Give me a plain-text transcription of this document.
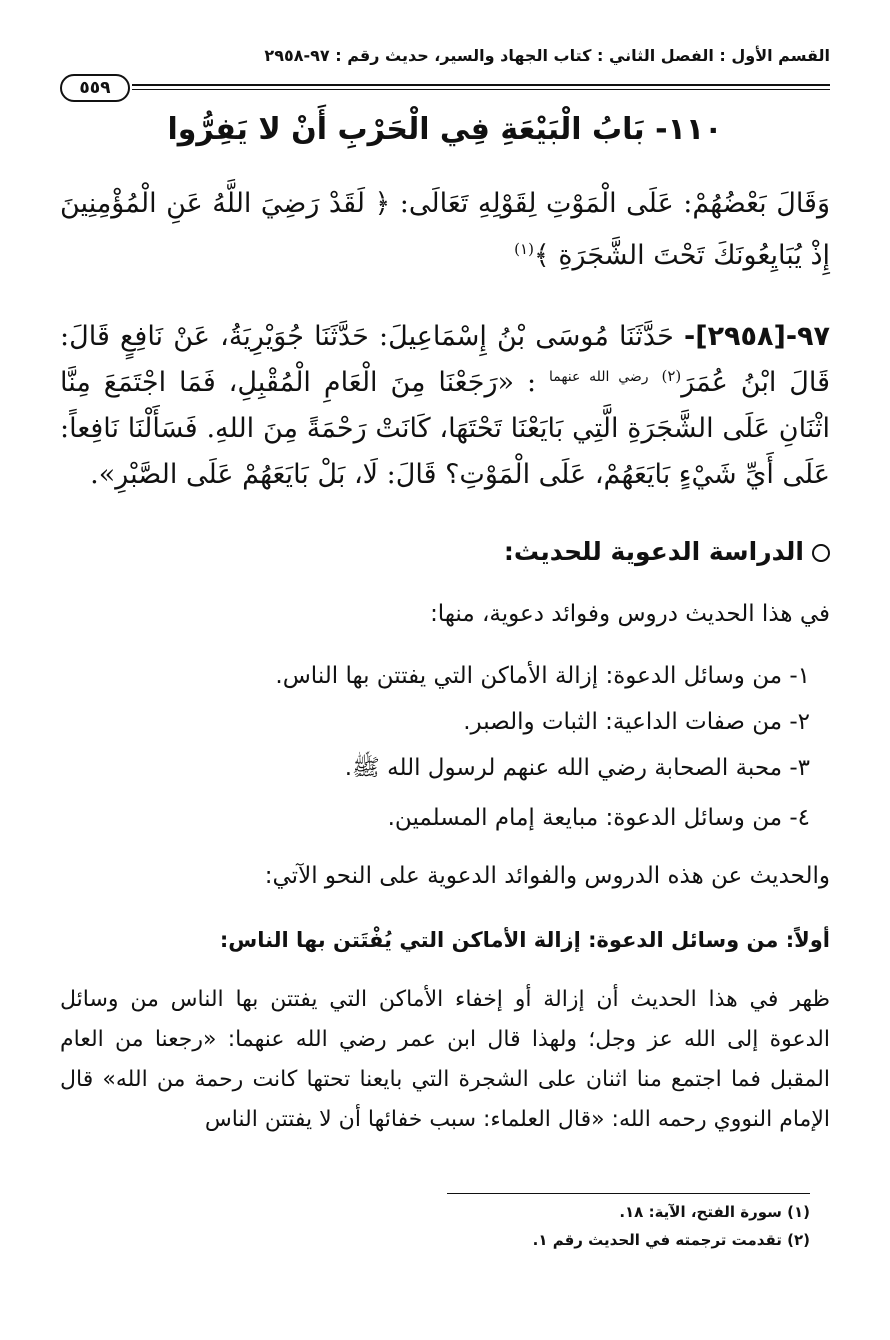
القسم الأول : الفصل الثاني : كتاب الجهاد والسير، حديث رقم : ٩٧-٢٩٥٨
٥٥٩
١١٠- بَابُ الْبَيْعَةِ فِي الْحَرْبِ أَنْ لا يَفِرُّوا
وَقَالَ بَعْضُهُمْ: عَلَى الْمَوْتِ لِقَوْلِهِ تَعَالَى: ﴿ لَقَدْ رَضِيَ اللَّهُ عَنِ الْمُؤْمِنِينَ إِذْ يُبَايِعُونَكَ تَحْتَ الشَّجَرَةِ ﴾$^{(١)}$
٩٧-[٢٩٥٨]- حَدَّثَنَا مُوسَى بْنُ إِسْمَاعِيلَ: حَدَّثَنَا جُوَيْرِيَةُ، عَنْ نَافِعٍ قَالَ: قَالَ ابْنُ عُمَرَ$^{(٢)}$ $^{رضي الله عنهما}$ : «رَجَعْنَا مِنَ الْعَامِ الْمُقْبِلِ، فَمَا اجْتَمَعَ مِنَّا اثْنَانِ عَلَى الشَّجَرَةِ الَّتِي بَايَعْنَا تَحْتَهَا، كَانَتْ رَحْمَةً مِنَ اللهِ. فَسَأَلْنَا نَافِعاً: عَلَى أَيِّ شَيْءٍ بَايَعَهُمْ، عَلَى الْمَوْتِ؟ قَالَ: لَا، بَلْ بَايَعَهُمْ عَلَى الصَّبْرِ».
الدراسة الدعوية للحديث:
في هذا الحديث دروس وفوائد دعوية، منها:
١- من وسائل الدعوة: إزالة الأماكن التي يفتتن بها الناس.
٢- من صفات الداعية: الثبات والصبر.
٣- محبة الصحابة رضي الله عنهم لرسول الله ﷺ.
٤- من وسائل الدعوة: مبايعة إمام المسلمين.
والحديث عن هذه الدروس والفوائد الدعوية على النحو الآتي:
أولاً: من وسائل الدعوة: إزالة الأماكن التي يُفْتَتن بها الناس:
ظهر في هذا الحديث أن إزالة أو إخفاء الأماكن التي يفتتن بها الناس من وسائل الدعوة إلى الله عز وجل؛ ولهذا قال ابن عمر رضي الله عنهما: «رجعنا من العام المقبل فما اجتمع منا اثنان على الشجرة التي بايعنا تحتها كانت رحمة من الله» قال الإمام النووي رحمه الله: «قال العلماء: سبب خفائها أن لا يفتتن الناس
(١) سورة الفتح، الآية: ١٨.
(٢) تقدمت ترجمته في الحديث رقم ١.
